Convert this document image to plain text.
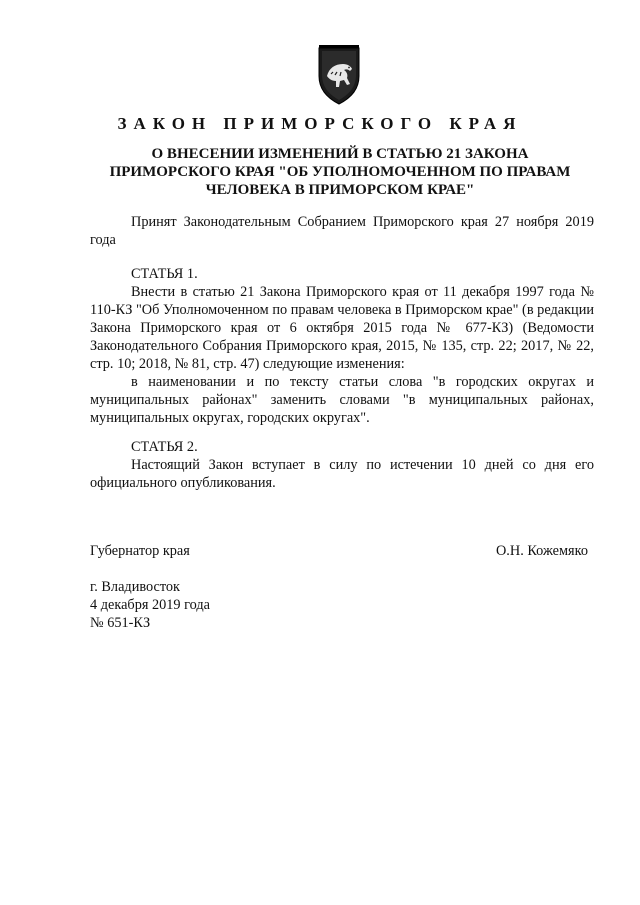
ЗАКОН ПРИМОРСКОГО КРАЯ
О ВНЕСЕНИИ ИЗМЕНЕНИЙ В СТАТЬЮ 21 ЗАКОНА
ПРИМОРСКОГО КРАЯ "ОБ УПОЛНОМОЧЕННОМ ПО ПРАВАМ
ЧЕЛОВЕКА В ПРИМОРСКОМ КРАЕ"

Принят Законодательным Собранием Приморского края 27 ноября 2019 года

СТАТЬЯ 1.

Внести в статью 21 Закона Приморского края от 11 декабря 1997 года № 110-КЗ "Об Уполномоченном по правам человека в Приморском крае" (в редакции Закона Приморского края от 6 октября 2015 года № 677-КЗ) (Ведомости Законодательного Собрания Приморского края, 2015, № 135, стр. 22; 2017, № 22, стр. 10; 2018, № 81, стр. 47) следующие изменения:

в наименовании и по тексту статьи слова "в городских округах и муниципальных районах" заменить словами "в муниципальных районах, муниципальных округах, городских округах".

СТАТЬЯ 2.

Настоящий Закон вступает в силу по истечении 10 дней со дня его официального опубликования.

Губернатор края	О.Н. Кожемяко
г. Владивосток
4 декабря 2019 года
№ 651-КЗ
